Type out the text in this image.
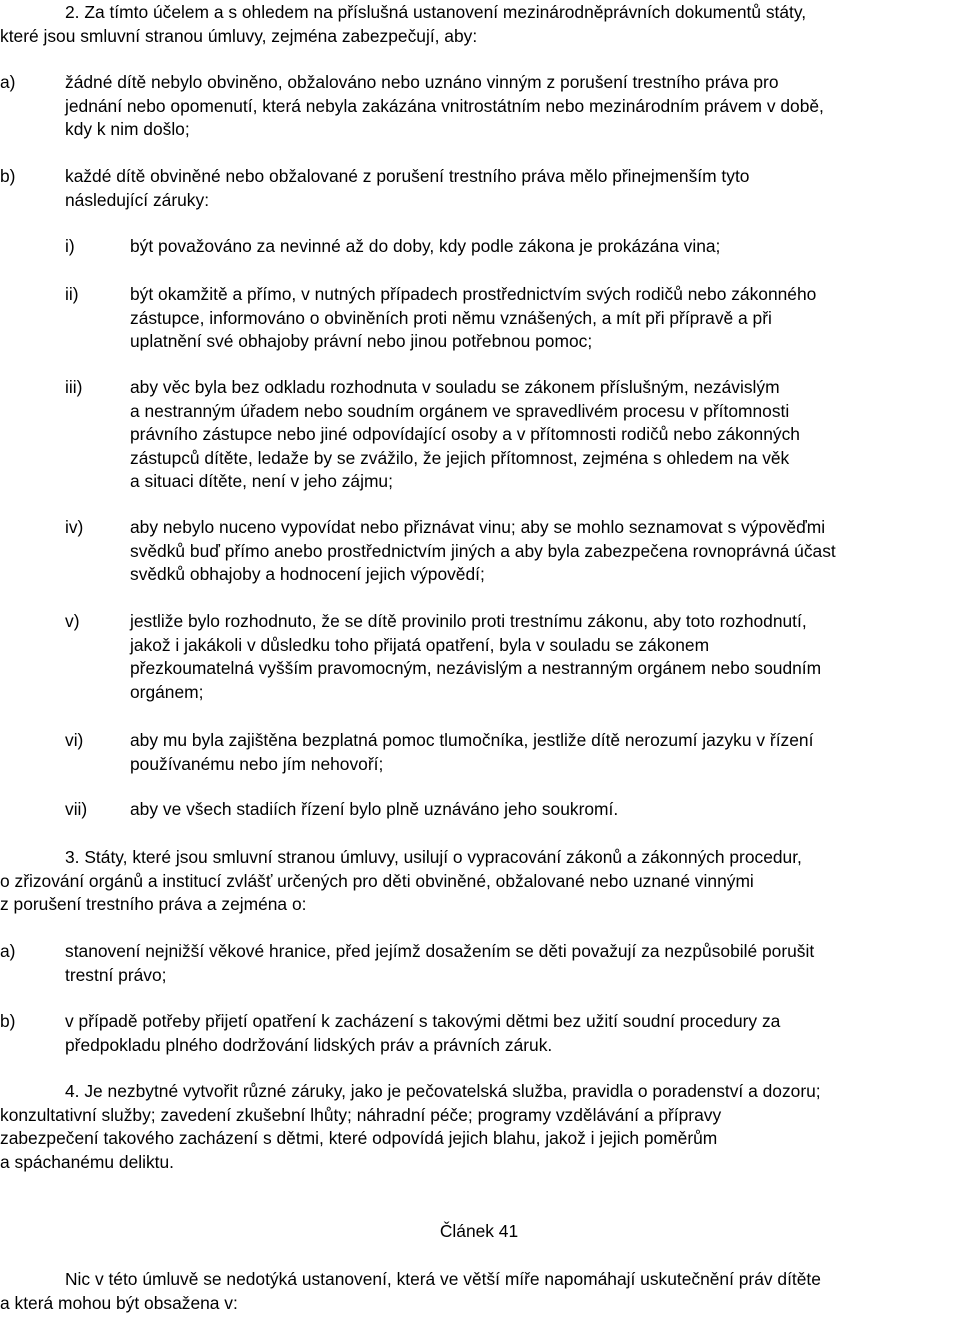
2. Za tímto účelem a s ohledem na příslušná ustanovení mezinárodněprávních dokumentů státy,
které jsou smluvní stranou úmluvy, zejména zabezpečují, aby:
a)	žádné dítě nebylo obviněno, obžalováno nebo uznáno vinným z porušení trestního práva pro
jednání nebo opomenutí, která nebyla zakázána vnitrostátním nebo mezinárodním právem v době,
kdy k nim došlo;
b)	každé dítě obviněné nebo obžalované z porušení trestního práva mělo přinejmenším tyto
následující záruky:
i)	být považováno za nevinné až do doby, kdy podle zákona je prokázána vina;
ii)	být okamžitě a přímo, v nutných případech prostřednictvím svých rodičů nebo zákonného
zástupce, informováno o obviněních proti němu vznášených, a mít při přípravě a při
uplatnění své obhajoby právní nebo jinou potřebnou pomoc;
iii)	aby věc byla bez odkladu rozhodnuta v souladu se zákonem příslušným, nezávislým
a nestranným úřadem nebo soudním orgánem ve spravedlivém procesu v přítomnosti
právního zástupce nebo jiné odpovídající osoby a v přítomnosti rodičů nebo zákonných
zástupců dítěte, ledaže by se zvážilo, že jejich přítomnost, zejména s ohledem na věk
a situaci dítěte, není v jeho zájmu;
iv)	aby nebylo nuceno vypovídat nebo přiznávat vinu; aby se mohlo seznamovat s výpověďmi
svědků buď přímo anebo prostřednictvím jiných a aby byla zabezpečena rovnoprávná účast
svědků obhajoby a hodnocení jejich výpovědí;
v)	jestliže bylo rozhodnuto, že se dítě provinilo proti trestnímu zákonu, aby toto rozhodnutí,
jakož i jakákoli v důsledku toho přijatá opatření, byla v souladu se zákonem
přezkoumatelná vyšším pravomocným, nezávislým a nestranným orgánem nebo soudním
orgánem;
vi)	aby mu byla zajištěna bezplatná pomoc tlumočníka, jestliže dítě nerozumí jazyku v řízení
používanému nebo jím nehovoří;
vii) aby ve všech stadiích řízení bylo plně uznáváno jeho soukromí.
3. Státy, které jsou smluvní stranou úmluvy, usilují o vypracování zákonů a zákonných procedur,
o zřizování orgánů a institucí zvlášť určených pro děti obviněné, obžalované nebo uznané vinnými
z porušení trestního práva a zejména o:
a)	stanovení nejnižší věkové hranice, před jejímž dosažením se děti považují za nezpůsobilé porušit
trestní právo;
b)	v případě potřeby přijetí opatření k zacházení s takovými dětmi bez užití soudní procedury za
předpokladu plného dodržování lidských práv a právních záruk.
4. Je nezbytné vytvořit různé záruky, jako je pečovatelská služba, pravidla o poradenství a dozoru;
konzultativní služby; zavedení zkušební lhůty; náhradní péče; programy vzdělávání a přípravy
zabezpečení takového zacházení s dětmi, které odpovídá jejich blahu, jakož i jejich poměrům
a spáchanému deliktu.
Článek 41
Nic v této úmluvě se nedotýká ustanovení, která ve větší míře napomáhají uskutečnění práv dítěte
a která mohou být obsažena v:
